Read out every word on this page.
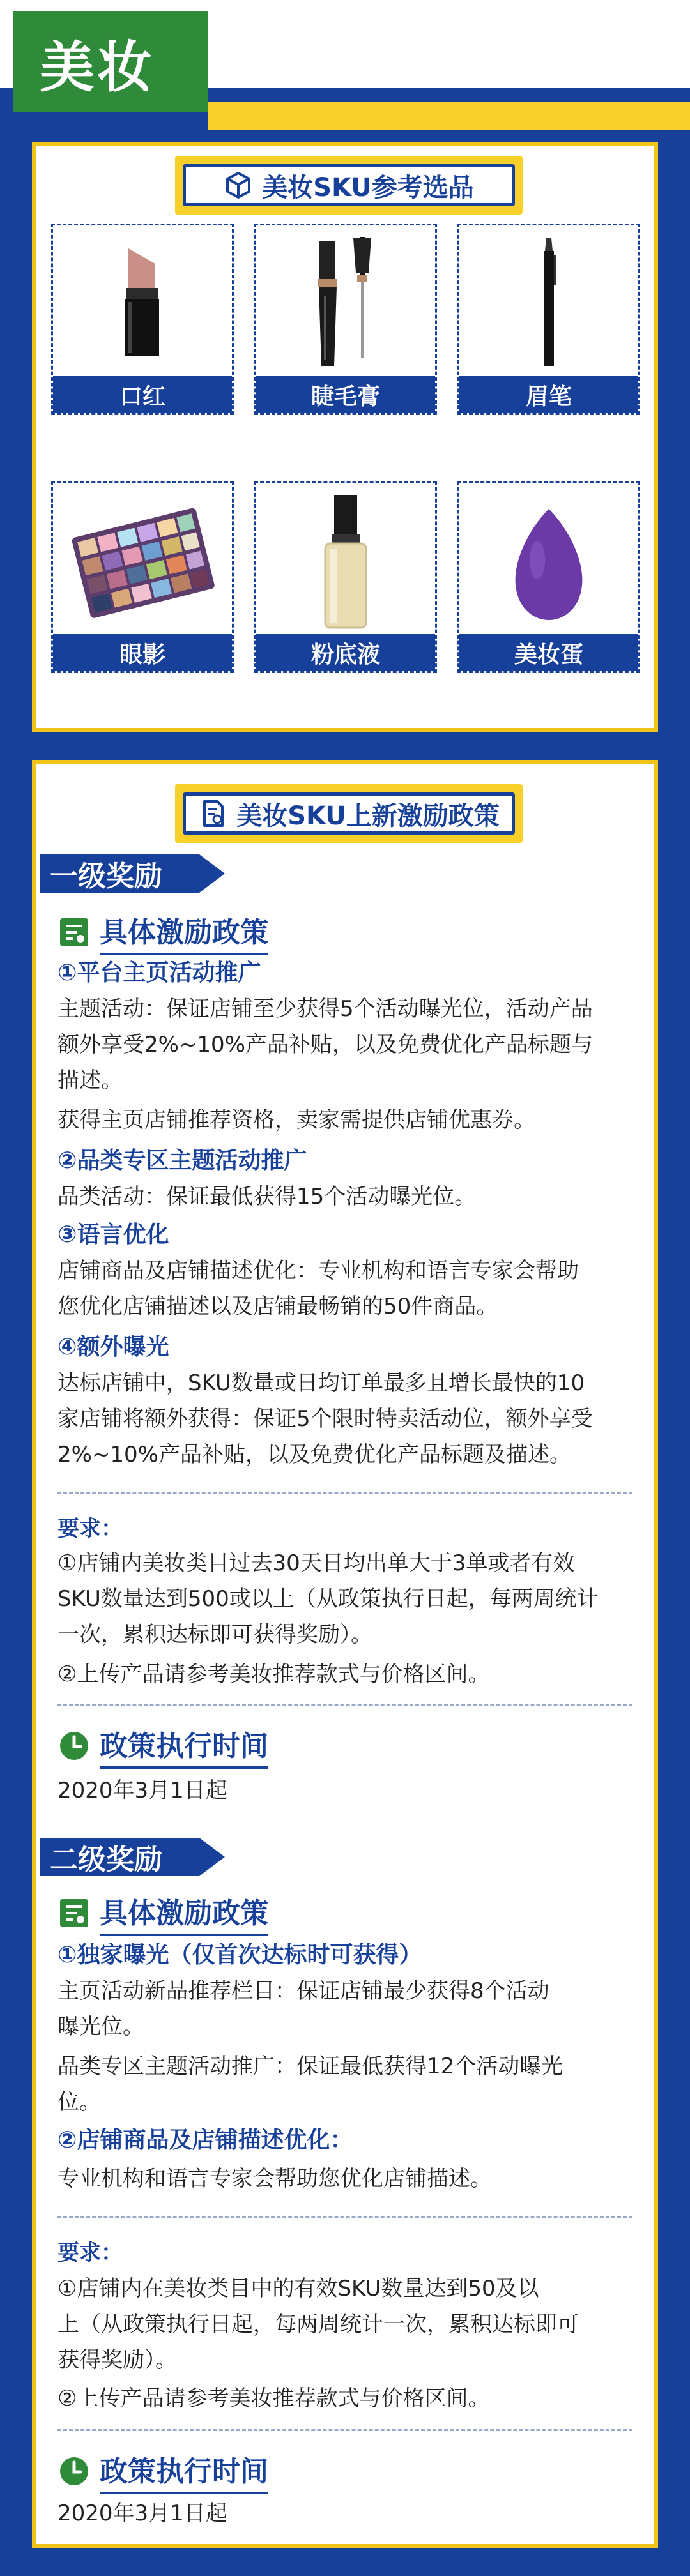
美妆
美妆SKU参考选品
口红	睫毛膏	眉笔
眼影	粉底液	美妆蛋
美妆SKU上新激励政策
一级奖励
具体激励政策
①平台主页活动推广
主题活动：保证店铺至少获得5个活动曝光位，活动产品
额外享受2%~10%产品补贴，以及免费优化产品标题与
描述。
获得主页店铺推荐资格，卖家需提供店铺优惠券。
②品类专区主题活动推广
品类活动：保证最低获得15个活动曝光位。
③语言优化
店铺商品及店铺描述优化：专业机构和语言专家会帮助
您优化店铺描述以及店铺最畅销的50件商品。
④额外曝光
达标店铺中，SKU数量或日均订单最多且增长最快的10
家店铺将额外获得：保证5个限时特卖活动位，额外享受
2%~10%产品补贴，以及免费优化产品标题及描述。
要求：
①店铺内美妆类目过去30天日均出单大于3单或者有效
SKU数量达到500或以上（从政策执行日起，每两周统计
一次，累积达标即可获得奖励）。
②上传产品请参考美妆推荐款式与价格区间。
政策执行时间
2020年3月1日起
二级奖励
具体激励政策
①独家曝光（仅首次达标时可获得）
主页活动新品推荐栏目：保证店铺最少获得8个活动
曝光位。
品类专区主题活动推广：保证最低获得12个活动曝光
位。
②店铺商品及店铺描述优化：
专业机构和语言专家会帮助您优化店铺描述。
要求：
①店铺内在美妆类目中的有效SKU数量达到50及以
上（从政策执行日起，每两周统计一次，累积达标即可
获得奖励）。
②上传产品请参考美妆推荐款式与价格区间。
政策执行时间
2020年3月1日起
